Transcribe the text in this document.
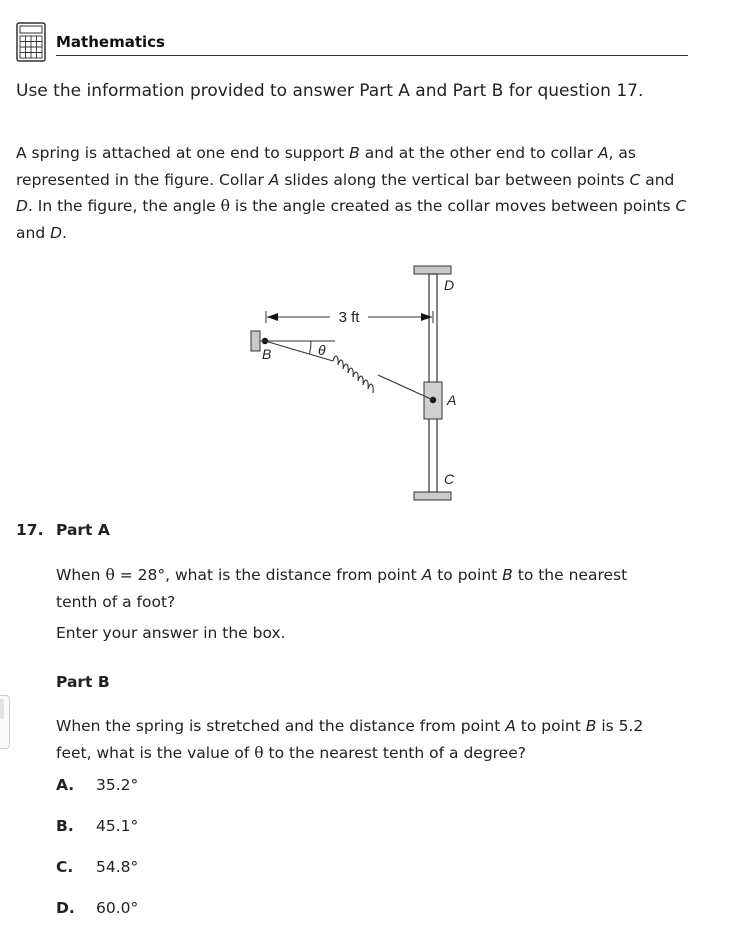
Mathematics
Use the information provided to answer Part A and Part B for question 17.
A spring is attached at one end to support B and at the other end to collar A, as represented in the figure. Collar A slides along the vertical bar between points C and D. In the figure, the angle θ is the angle created as the collar moves between points C and D.
3 ft
D
A
C
B	θ
17. Part A
When θ = 28°, what is the distance from point A to point B to the nearest tenth of a foot?
Enter your answer in the box.
Part B
When the spring is stretched and the distance from point A to point B is 5.2 feet, what is the value of θ to the nearest tenth of a degree?
A. 35.2°
B. 45.1°
C. 54.8°
D. 60.0°
